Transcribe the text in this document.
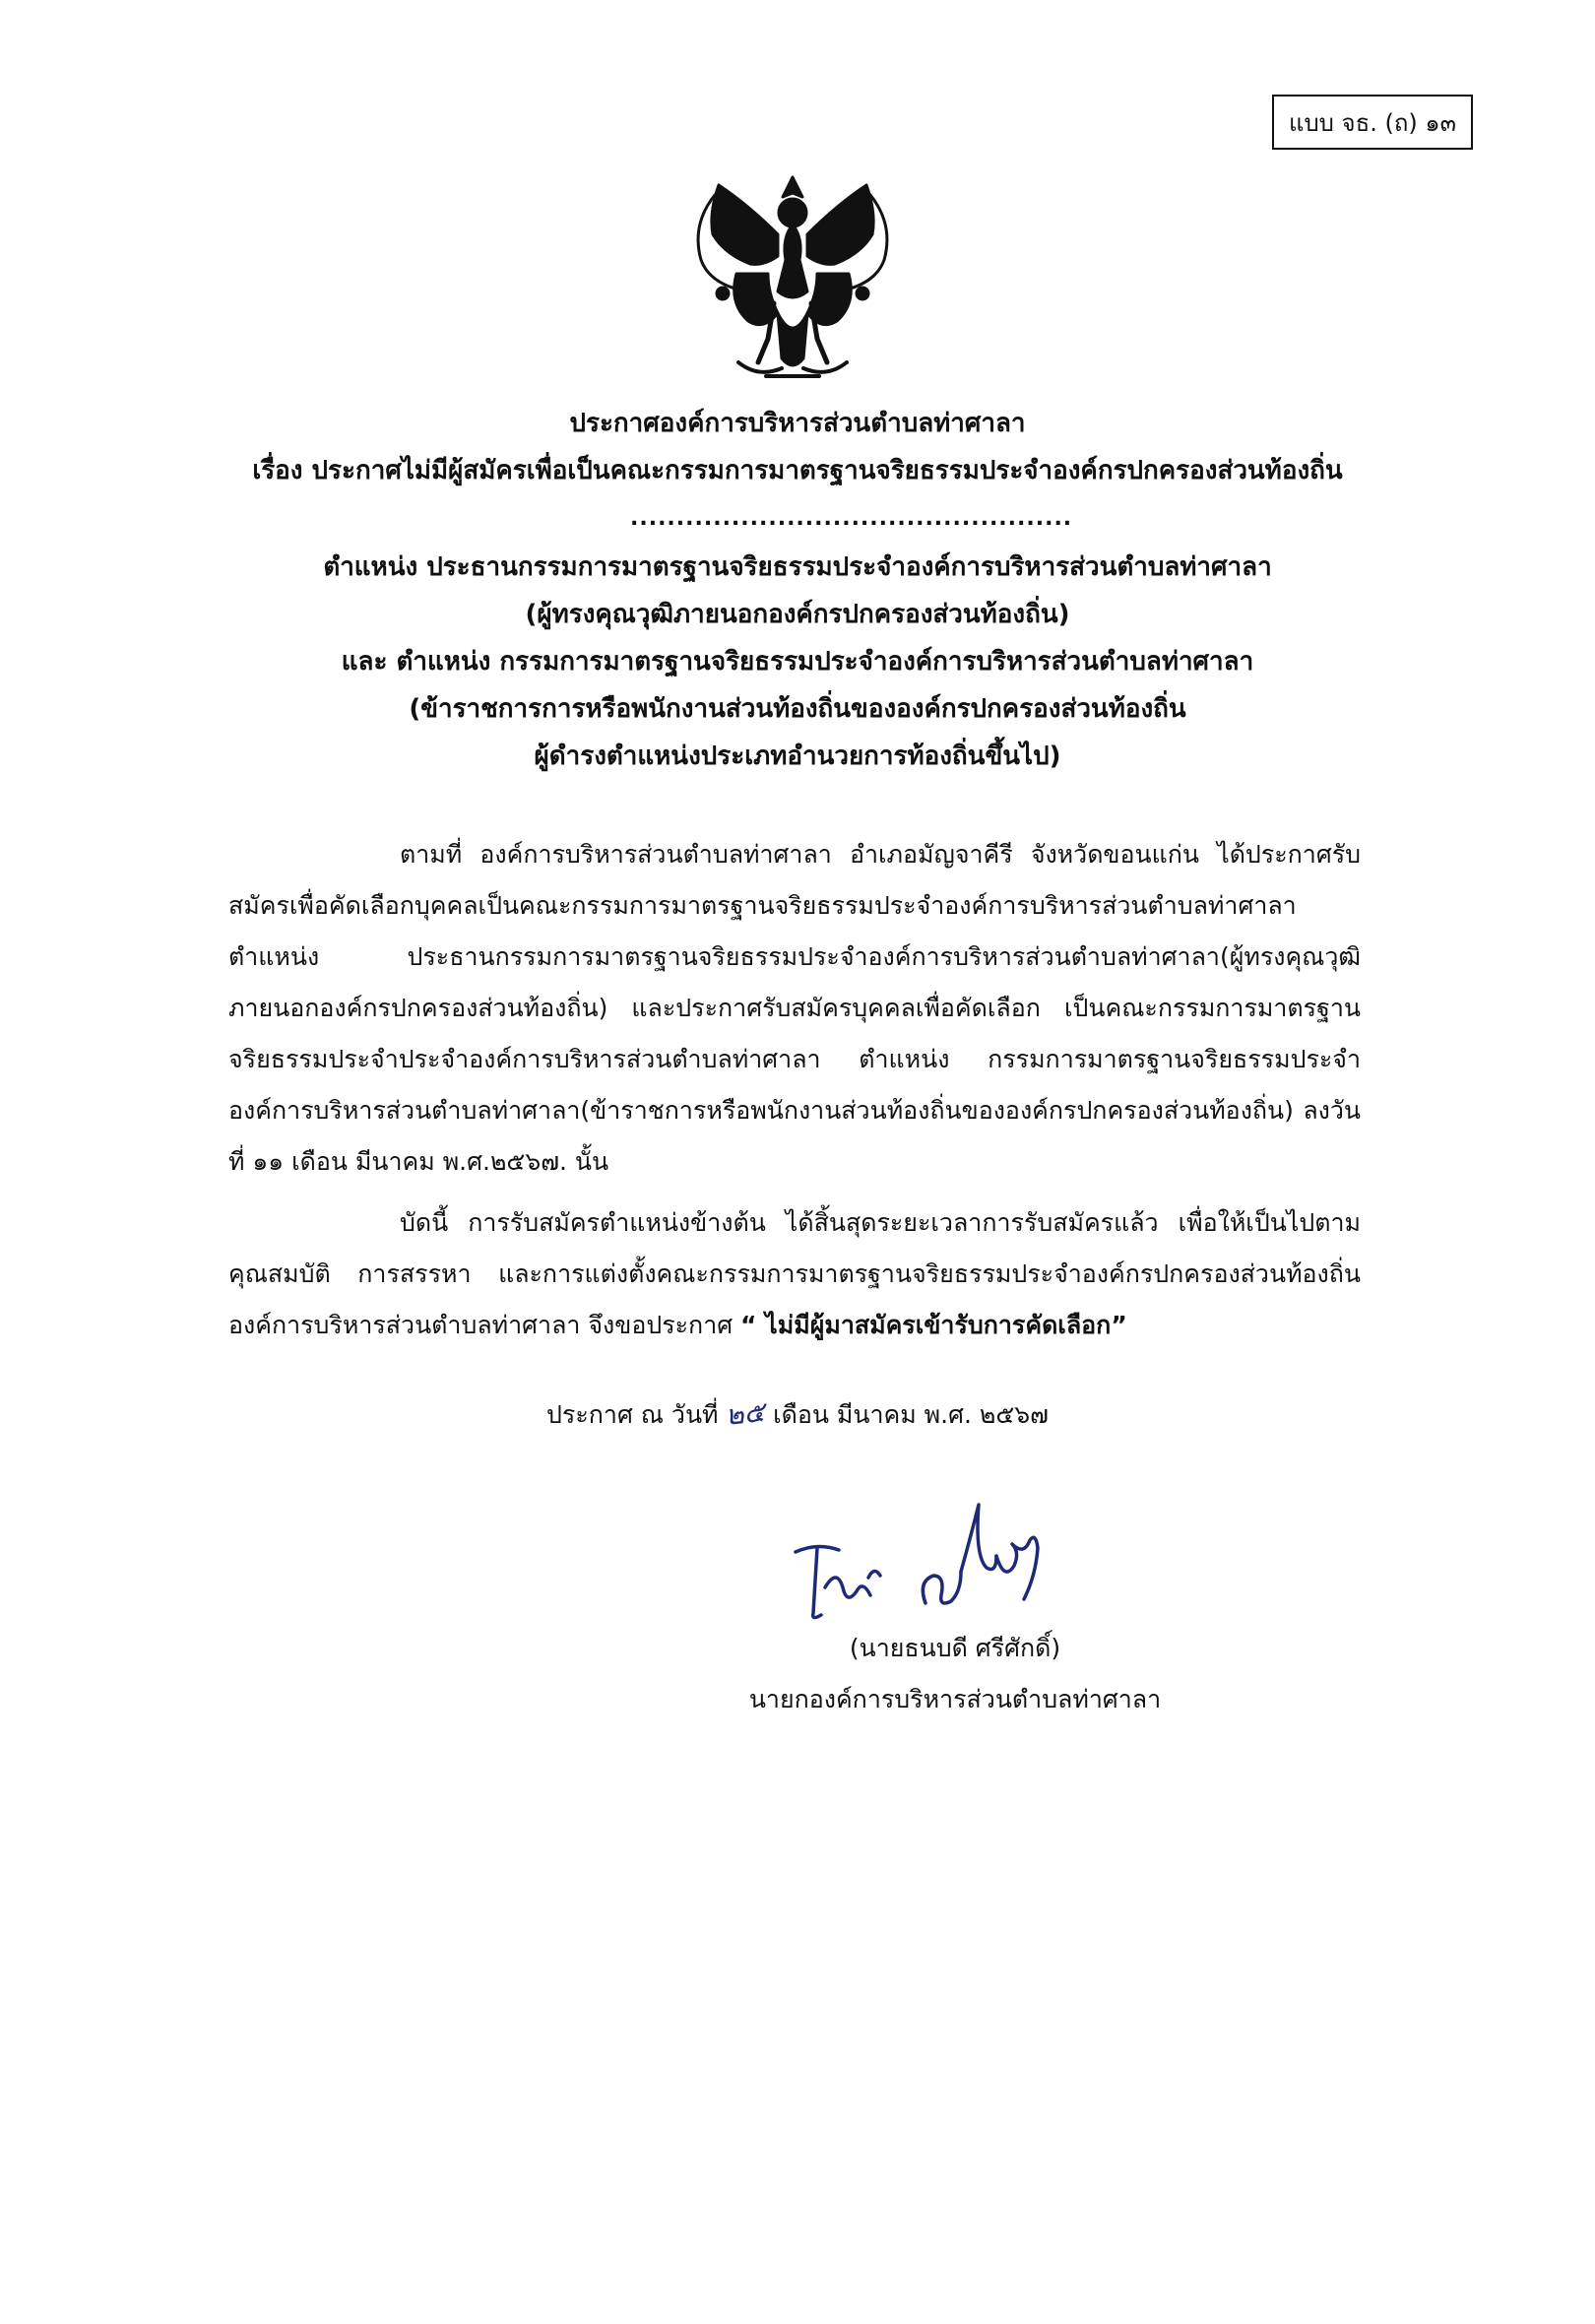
แบบ จธ. (ถ) ๑๓
ประกาศองค์การบริหารส่วนตำบลท่าศาลา
เรื่อง ประกาศไม่มีผู้สมัครเพื่อเป็นคณะกรรมการมาตรฐานจริยธรรมประจำองค์กรปกครองส่วนท้องถิ่น
................................................
ตำแหน่ง ประธานกรรมการมาตรฐานจริยธรรมประจำองค์การบริหารส่วนตำบลท่าศาลา
(ผู้ทรงคุณวุฒิภายนอกองค์กรปกครองส่วนท้องถิ่น)
และ ตำแหน่ง กรรมการมาตรฐานจริยธรรมประจำองค์การบริหารส่วนตำบลท่าศาลา
(ข้าราชการการหรือพนักงานส่วนท้องถิ่นขององค์กรปกครองส่วนท้องถิ่น
ผู้ดำรงตำแหน่งประเภทอำนวยการท้องถิ่นขึ้นไป)
ตามที่ องค์การบริหารส่วนตำบลท่าศาลา อำเภอมัญจาคีรี จังหวัดขอนแก่น ได้ประกาศรับสมัครเพื่อคัดเลือกบุคคลเป็นคณะกรรมการมาตรฐานจริยธรรมประจำองค์การบริหารส่วนตำบลท่าศาลา ตำแหน่ง ประธานกรรมการมาตรฐานจริยธรรมประจำองค์การบริหารส่วนตำบลท่าศาลา(ผู้ทรงคุณวุฒิภายนอกองค์กรปกครองส่วนท้องถิ่น) และประกาศรับสมัครบุคคลเพื่อคัดเลือก เป็นคณะกรรมการมาตรฐานจริยธรรมประจำประจำองค์การบริหารส่วนตำบลท่าศาลา ตำแหน่ง กรรมการมาตรฐานจริยธรรมประจำองค์การบริหารส่วนตำบลท่าศาลา(ข้าราชการหรือพนักงานส่วนท้องถิ่นขององค์กรปกครองส่วนท้องถิ่น) ลงวันที่ ๑๑ เดือน มีนาคม พ.ศ.๒๕๖๗. นั้น
บัดนี้ การรับสมัครตำแหน่งข้างต้น ได้สิ้นสุดระยะเวลาการรับสมัครแล้ว เพื่อให้เป็นไปตามคุณสมบัติ การสรรหา และการแต่งตั้งคณะกรรมการมาตรฐานจริยธรรมประจำองค์กรปกครองส่วนท้องถิ่น องค์การบริหารส่วนตำบลท่าศาลา จึงขอประกาศ “ ไม่มีผู้มาสมัครเข้ารับการคัดเลือก”
ประกาศ ณ วันที่ ๒๕ เดือน มีนาคม พ.ศ. ๒๕๖๗
(นายธนบดี ศรีศักดิ์)
นายกองค์การบริหารส่วนตำบลท่าศาลา
